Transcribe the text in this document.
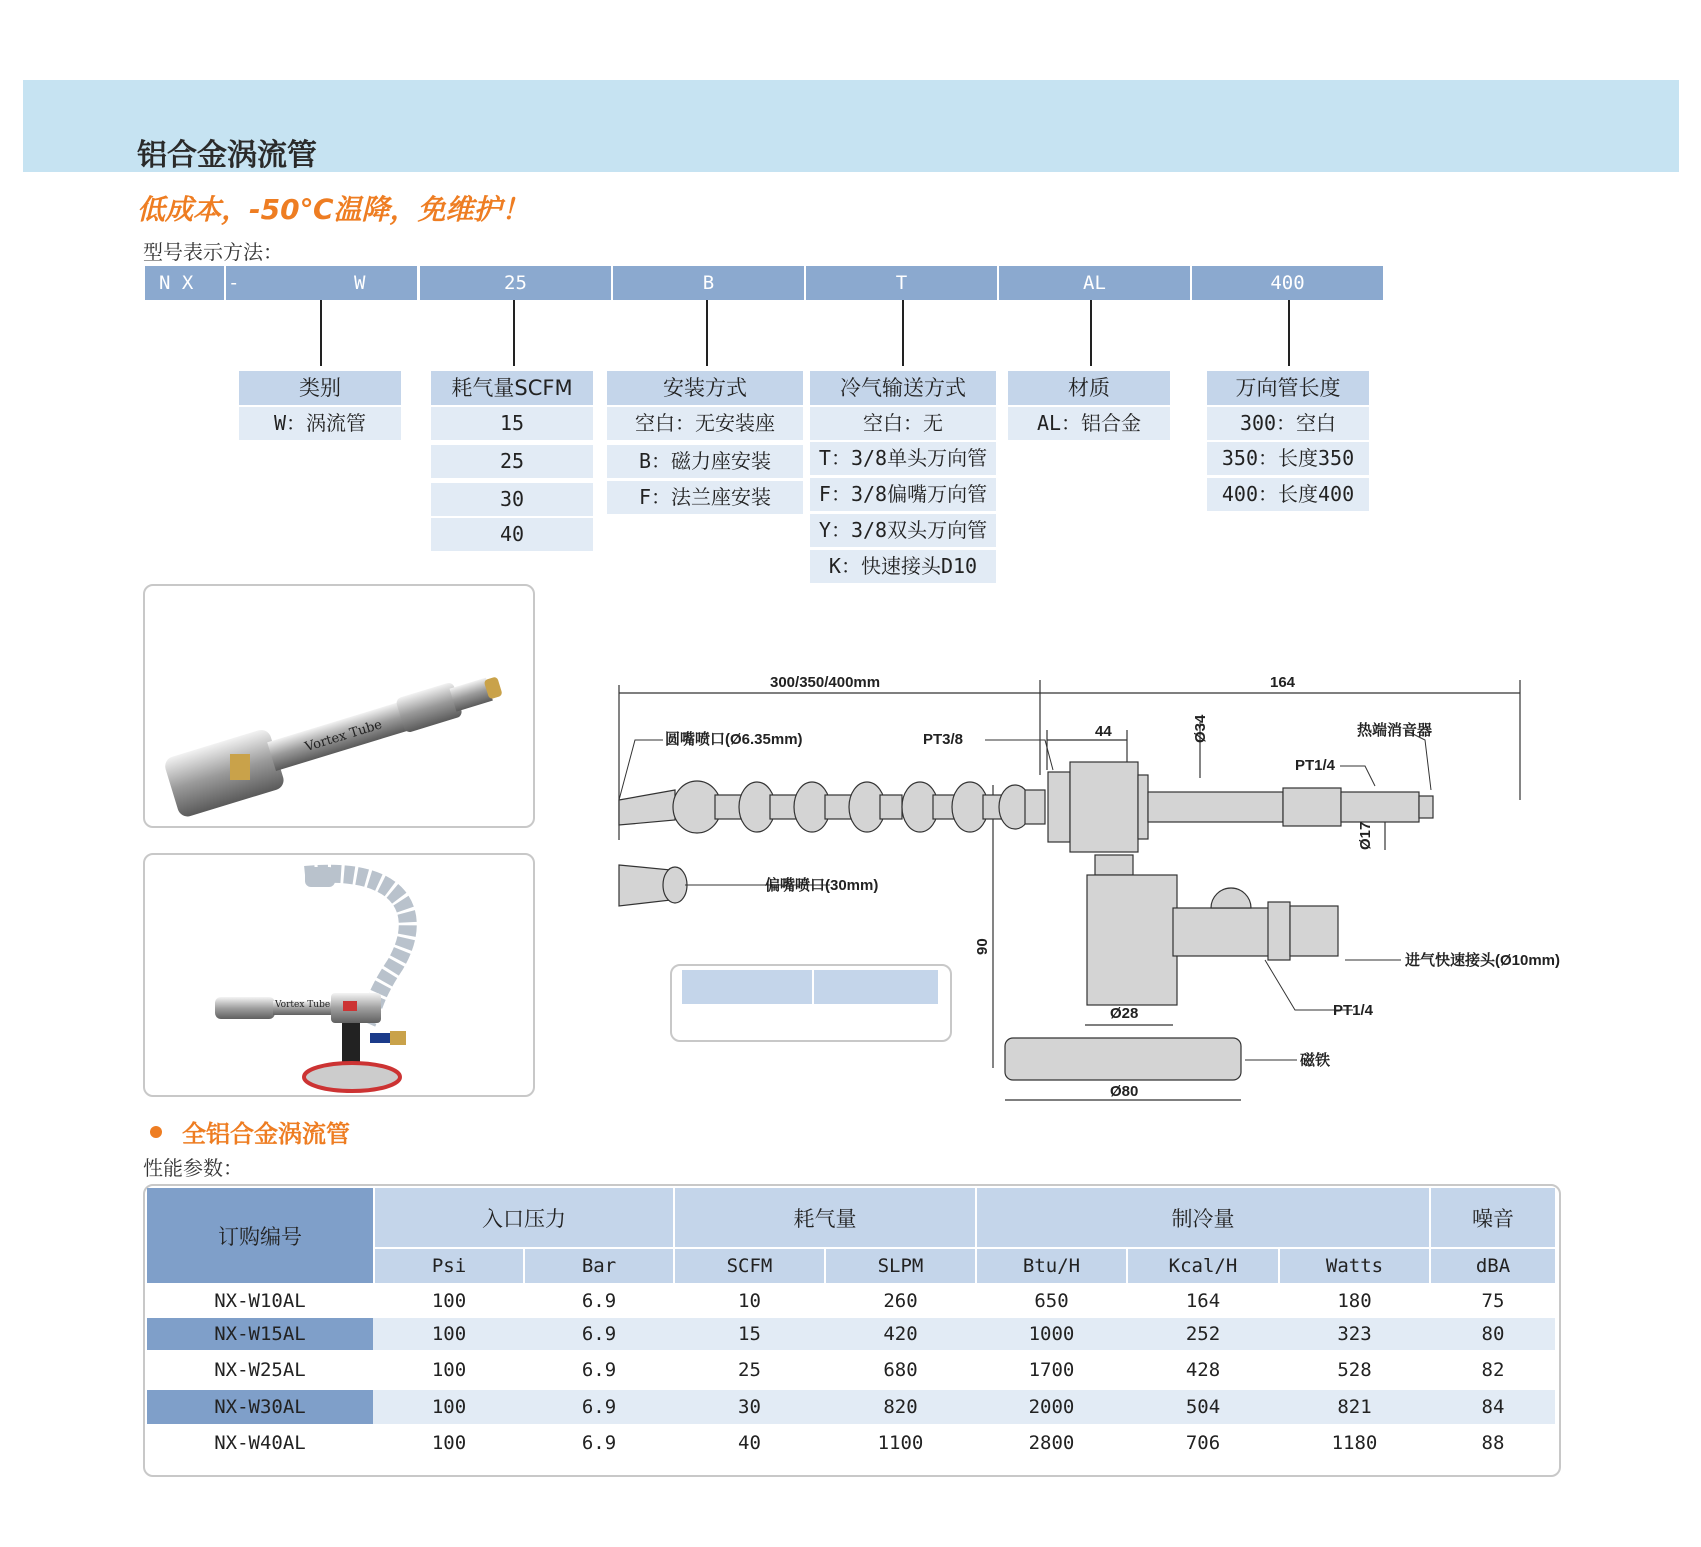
铝合金涡流管
低成本，-50℃温降，免维护！
型号表示方法：
N X	-	W	25	B	T	AL	400
类别
W：涡流管
耗气量SCFM
15
25
30
40
安装方式
空白：无安装座
B：磁力座安装
F：法兰座安装
冷气输送方式
空白：无
T：3/8单头万向管
F：3/8偏嘴万向管
Y：3/8双头万向管
K：快速接头D10
材质
AL：铝合金
万向管长度
300：空白
350：长度350
400：长度400
Vortex Tube
Vortex Tube
300/350/400mm	164
44	Ø34
Ø17
90
Ø28
Ø80
圆嘴喷口(Ø6.35mm)	PT3/8
热端消音器
PT1/4
偏嘴喷口(30mm)
进气快速接头(Ø10mm)
PT1/4
磁铁
全铝合金涡流管
性能参数：
订购编号
入口压力	耗气量	制冷量	噪音
Psi	Bar	SCFM	SLPM	Btu/H	Kcal/H	Watts	dBA
NX-W10AL	100	6.9	10	260	650	164	180	75
NX-W15AL	100	6.9	15	420	1000	252	323	80
NX-W25AL	100	6.9	25	680	1700	428	528	82
NX-W30AL	100	6.9	30	820	2000	504	821	84
NX-W40AL	100	6.9	40	1100	2800	706	1180	88
